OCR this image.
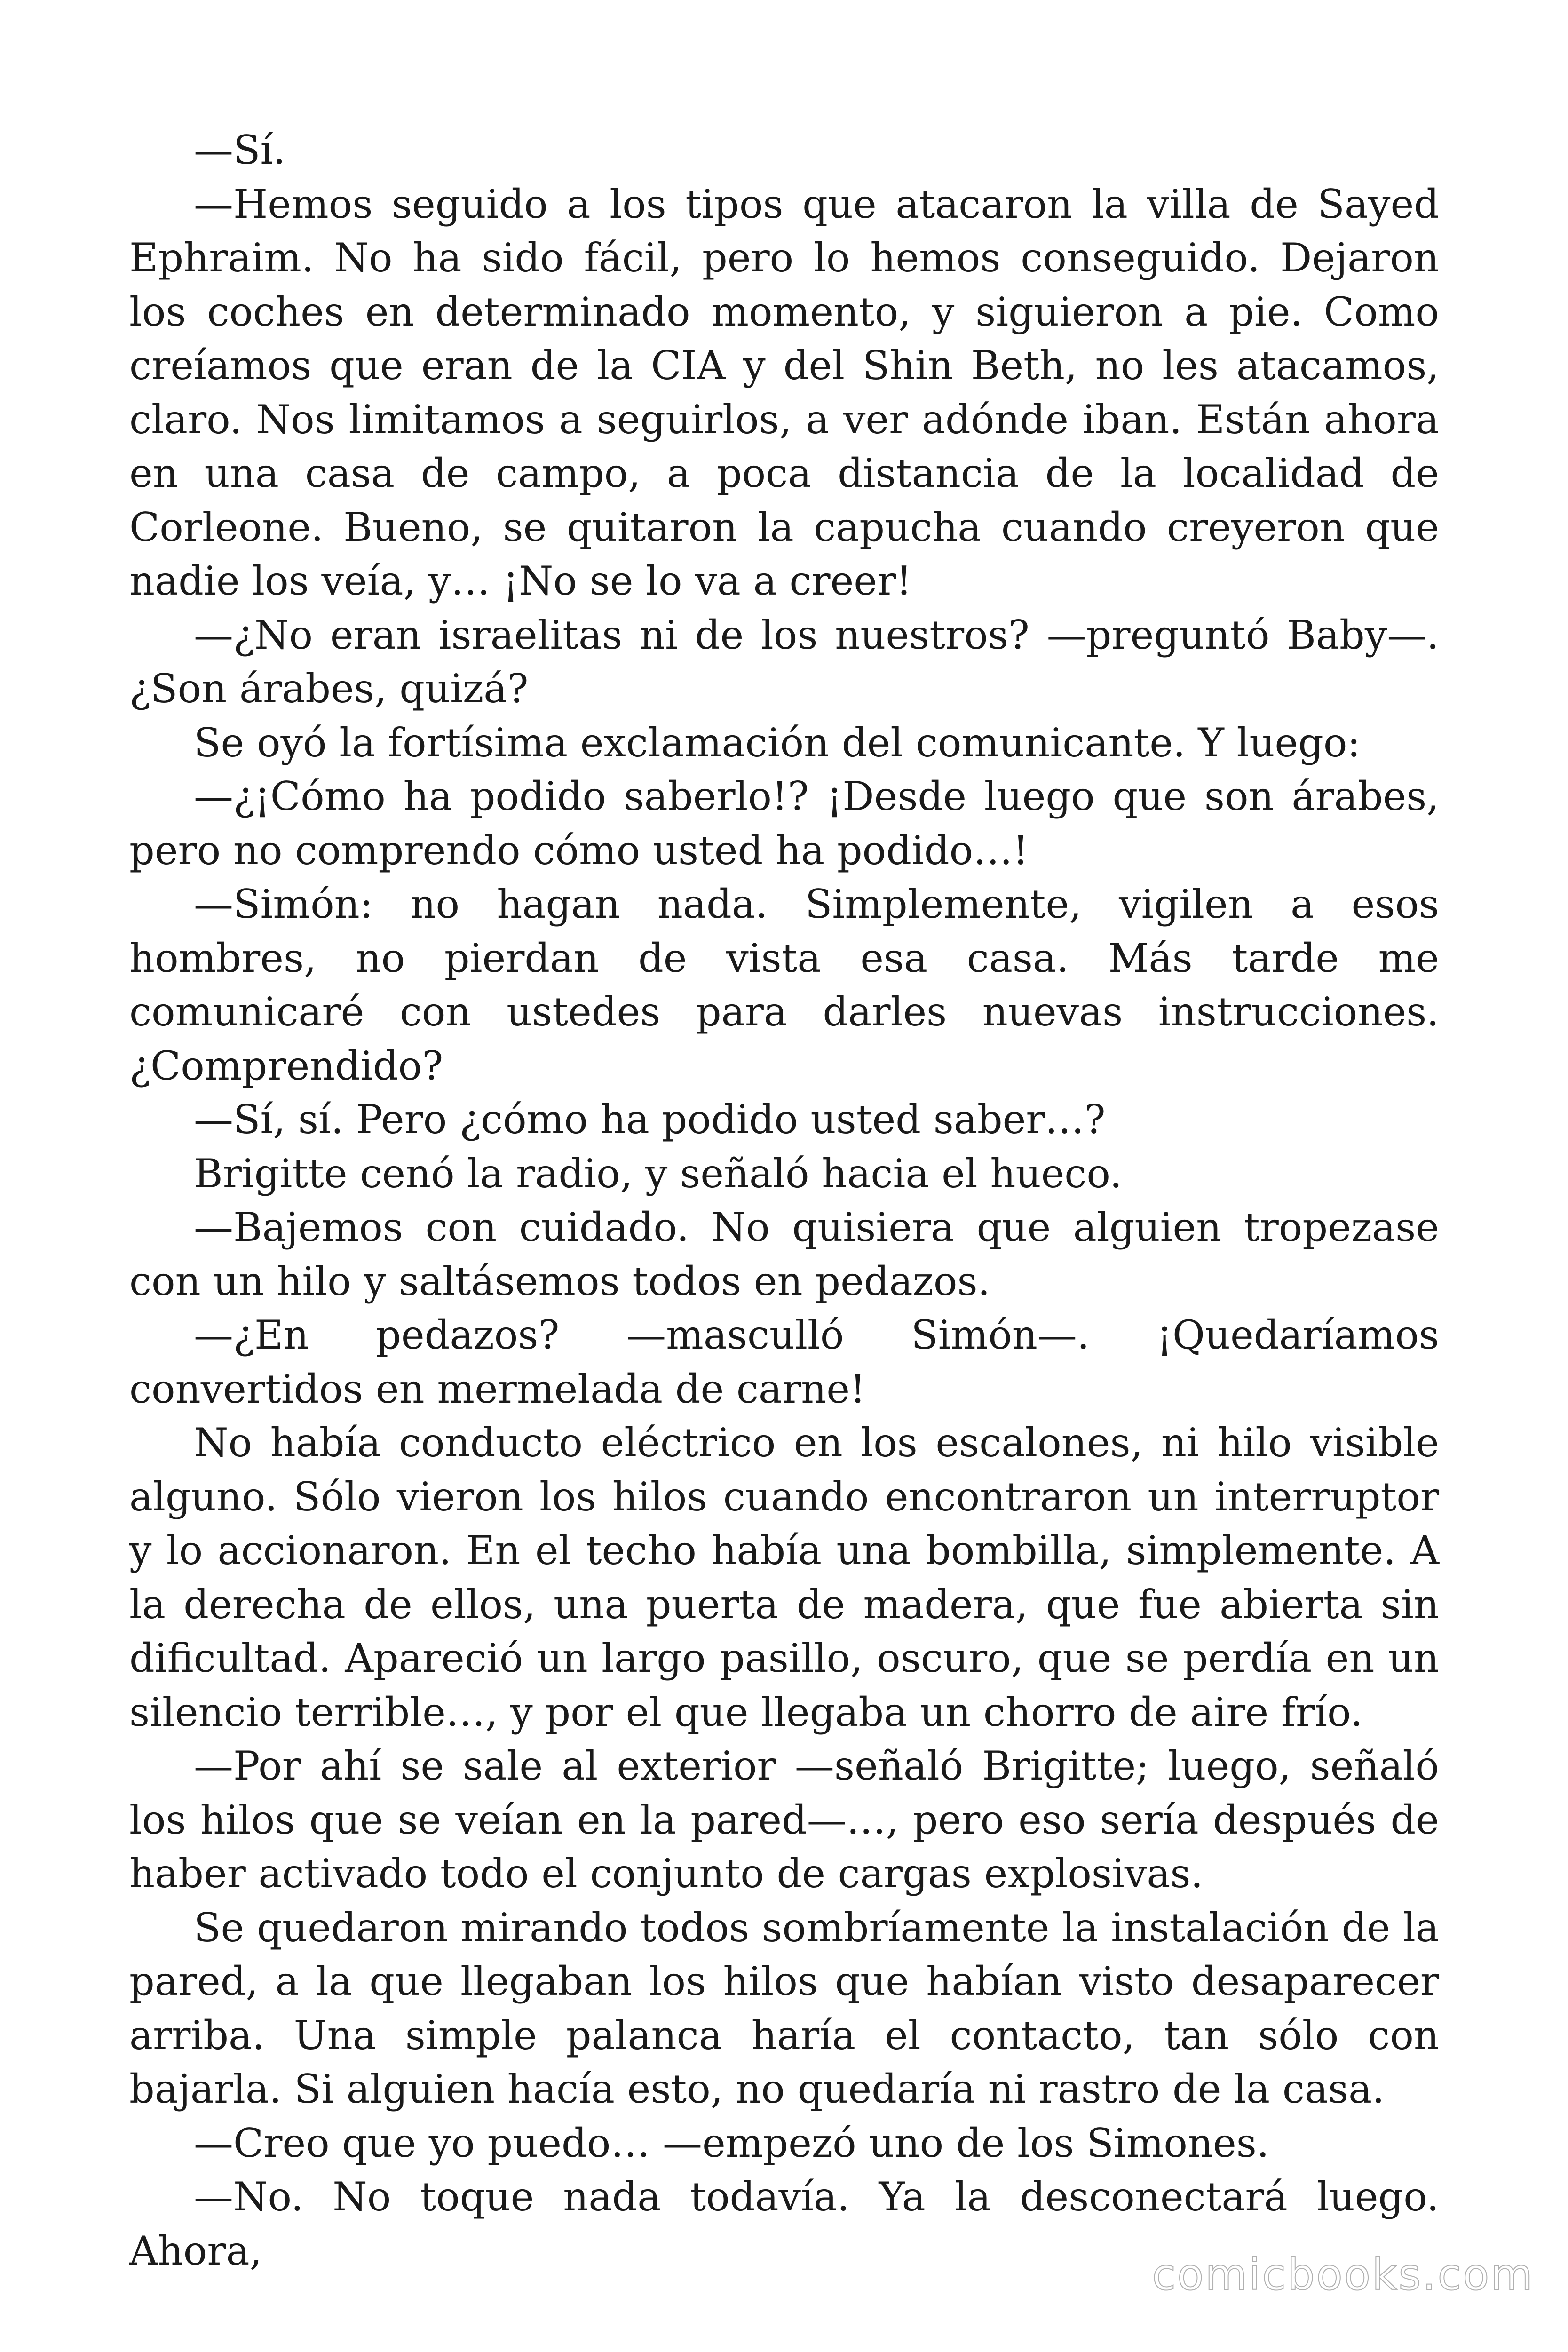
—Sí.

—Hemos seguido a los tipos que atacaron la villa de Sayed Ephraim. No ha sido fácil, pero lo hemos conseguido. Dejaron los coches en determinado momento, y siguieron a pie. Como creíamos que eran de la CIA y del Shin Beth, no les atacamos, claro. Nos limitamos a seguirlos, a ver adónde iban. Están ahora en una casa de campo, a poca distancia de la localidad de Corleone. Bueno, se quitaron la capucha cuando creyeron que nadie los veía, y… ¡No se lo va a creer!

—¿No eran israelitas ni de los nuestros? —preguntó Baby—. ¿Son árabes, quizá?

Se oyó la fortísima exclamación del comunicante. Y luego:

—¿¡Cómo ha podido saberlo!? ¡Desde luego que son árabes, pero no comprendo cómo usted ha podido…!

—Simón: no hagan nada. Simplemente, vigilen a esos hombres, no pierdan de vista esa casa. Más tarde me comunicaré con ustedes para darles nuevas instrucciones. ¿Comprendido?

—Sí, sí. Pero ¿cómo ha podido usted saber…?

Brigitte cenó la radio, y señaló hacia el hueco.

—Bajemos con cuidado. No quisiera que alguien tropezase con un hilo y saltásemos todos en pedazos.

—¿En pedazos? —masculló Simón—. ¡Quedaríamos convertidos en mermelada de carne!

No había conducto eléctrico en los escalones, ni hilo visible alguno. Sólo vieron los hilos cuando encontraron un interruptor y lo accionaron. En el techo había una bombilla, simplemente. A la derecha de ellos, una puerta de madera, que fue abierta sin dificultad. Apareció un largo pasillo, oscuro, que se perdía en un silencio terrible…, y por el que llegaba un chorro de aire frío.

—Por ahí se sale al exterior —señaló Brigitte; luego, señaló los hilos que se veían en la pared—…, pero eso sería después de haber activado todo el conjunto de cargas explosivas.

Se quedaron mirando todos sombríamente la instalación de la pared, a la que llegaban los hilos que habían visto desaparecer arriba. Una simple palanca haría el contacto, tan sólo con bajarla. Si alguien hacía esto, no quedaría ni rastro de la casa.

—Creo que yo puedo… —empezó uno de los Simones.

—No. No toque nada todavía. Ya la desconectará luego. Ahora,	comicbooks.com
